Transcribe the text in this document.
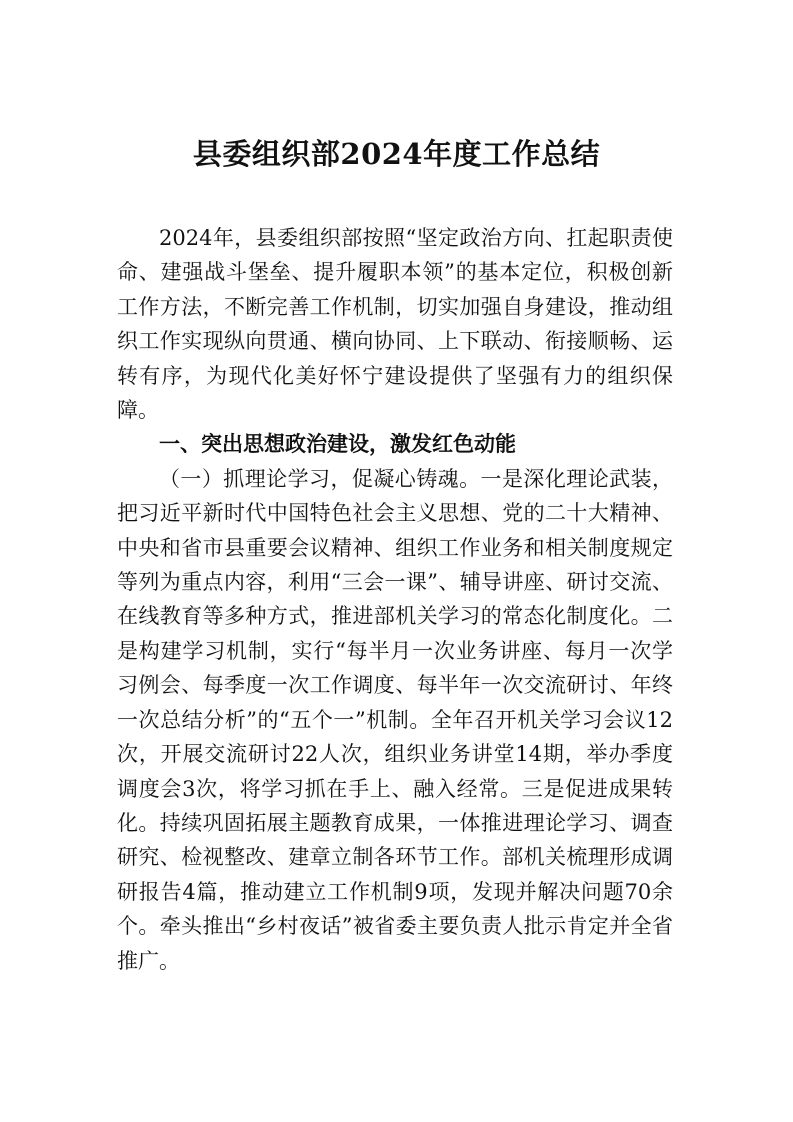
县委组织部2024年度工作总结

2024年，县委组织部按照“坚定政治方向、扛起职责使命、建强战斗堡垒、提升履职本领”的基本定位，积极创新工作方法，不断完善工作机制，切实加强自身建设，推动组织工作实现纵向贯通、横向协同、上下联动、衔接顺畅、运转有序，为现代化美好怀宁建设提供了坚强有力的组织保障。

一、突出思想政治建设，激发红色动能

（一）抓理论学习，促凝心铸魂。一是深化理论武装，把习近平新时代中国特色社会主义思想、党的二十大精神、中央和省市县重要会议精神、组织工作业务和相关制度规定等列为重点内容，利用“三会一课”、辅导讲座、研讨交流、在线教育等多种方式，推进部机关学习的常态化制度化。二是构建学习机制，实行“每半月一次业务讲座、每月一次学习例会、每季度一次工作调度、每半年一次交流研讨、年终一次总结分析”的“五个一”机制。全年召开机关学习会议12次，开展交流研讨22人次，组织业务讲堂14期，举办季度调度会3次，将学习抓在手上、融入经常。三是促进成果转化。持续巩固拓展主题教育成果，一体推进理论学习、调查研究、检视整改、建章立制各环节工作。部机关梳理形成调研报告4篇，推动建立工作机制9项，发现并解决问题70余个。牵头推出“乡村夜话”被省委主要负责人批示肯定并全省推广。
